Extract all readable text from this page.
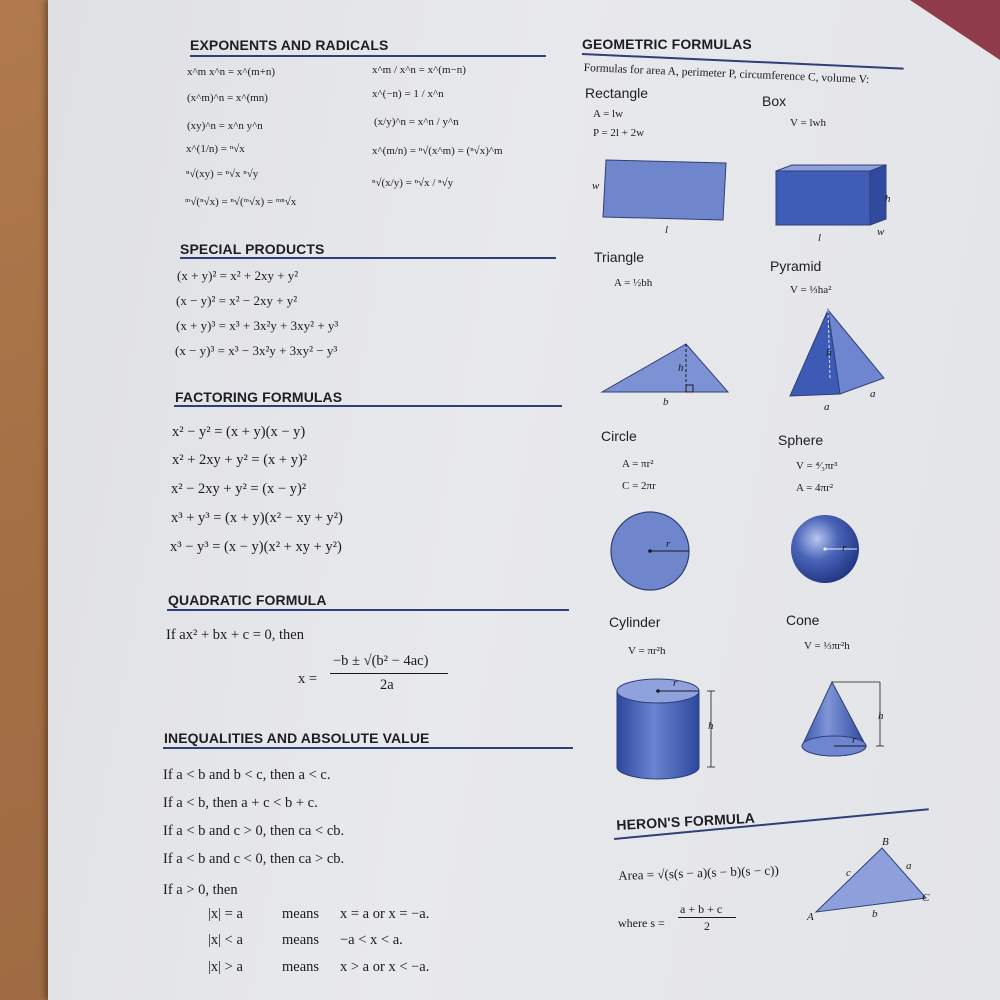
EXPONENTS AND RADICALS
x^m x^n = x^(m+n)
(x^m)^n = x^(mn)
(xy)^n = x^n y^n
x^(1/n) = ⁿ√x
ⁿ√(xy) = ⁿ√x ⁿ√y
ᵐ√(ⁿ√x) = ⁿ√(ᵐ√x) = ᵐⁿ√x
x^m / x^n = x^(m−n)
x^(−n) = 1 / x^n
(x/y)^n = x^n / y^n
x^(m/n) = ⁿ√(x^m) = (ⁿ√x)^m
ⁿ√(x/y) = ⁿ√x / ⁿ√y
SPECIAL PRODUCTS
(x + y)² = x² + 2xy + y²
(x − y)² = x² − 2xy + y²
(x + y)³ = x³ + 3x²y + 3xy² + y³
(x − y)³ = x³ − 3x²y + 3xy² − y³
FACTORING FORMULAS
x² − y² = (x + y)(x − y)
x² + 2xy + y² = (x + y)²
x² − 2xy + y² = (x − y)²
x³ + y³ = (x + y)(x² − xy + y²)
x³ − y³ = (x − y)(x² + xy + y²)
QUADRATIC FORMULA
If ax² + bx + c = 0, then
x =
−b ± √(b² − 4ac)
2a
INEQUALITIES AND ABSOLUTE VALUE
If a < b and b < c, then a < c.
If a < b, then a + c < b + c.
If a < b and c > 0, then ca < cb.
If a < b and c < 0, then ca > cb.
If a > 0, then
|x| = a	means x = a or x = −a.
|x| < a	means −a < x < a.
|x| > a	means x > a or x < −a.
GEOMETRIC FORMULAS
Formulas for area A, perimeter P, circumference C, volume V:
Rectangle
A = lw
P = 2l + 2w
w
l
Box
V = lwh
h
l	w
Triangle
A = ½bh
h
b
Pyramid
V = ⅓ha²
h
a
a
Circle
A = πr²
C = 2πr
r
Sphere
V = ⁴⁄₃πr³
A = 4πr²
r
Cylinder
V = πr²h
r
h
Cone
V = ⅓πr²h
r
h
HERON'S FORMULA
Area = √(s(s − a)(s − b)(s − c))
where s =
a + b + c
2
A
B
C
a
b
c
